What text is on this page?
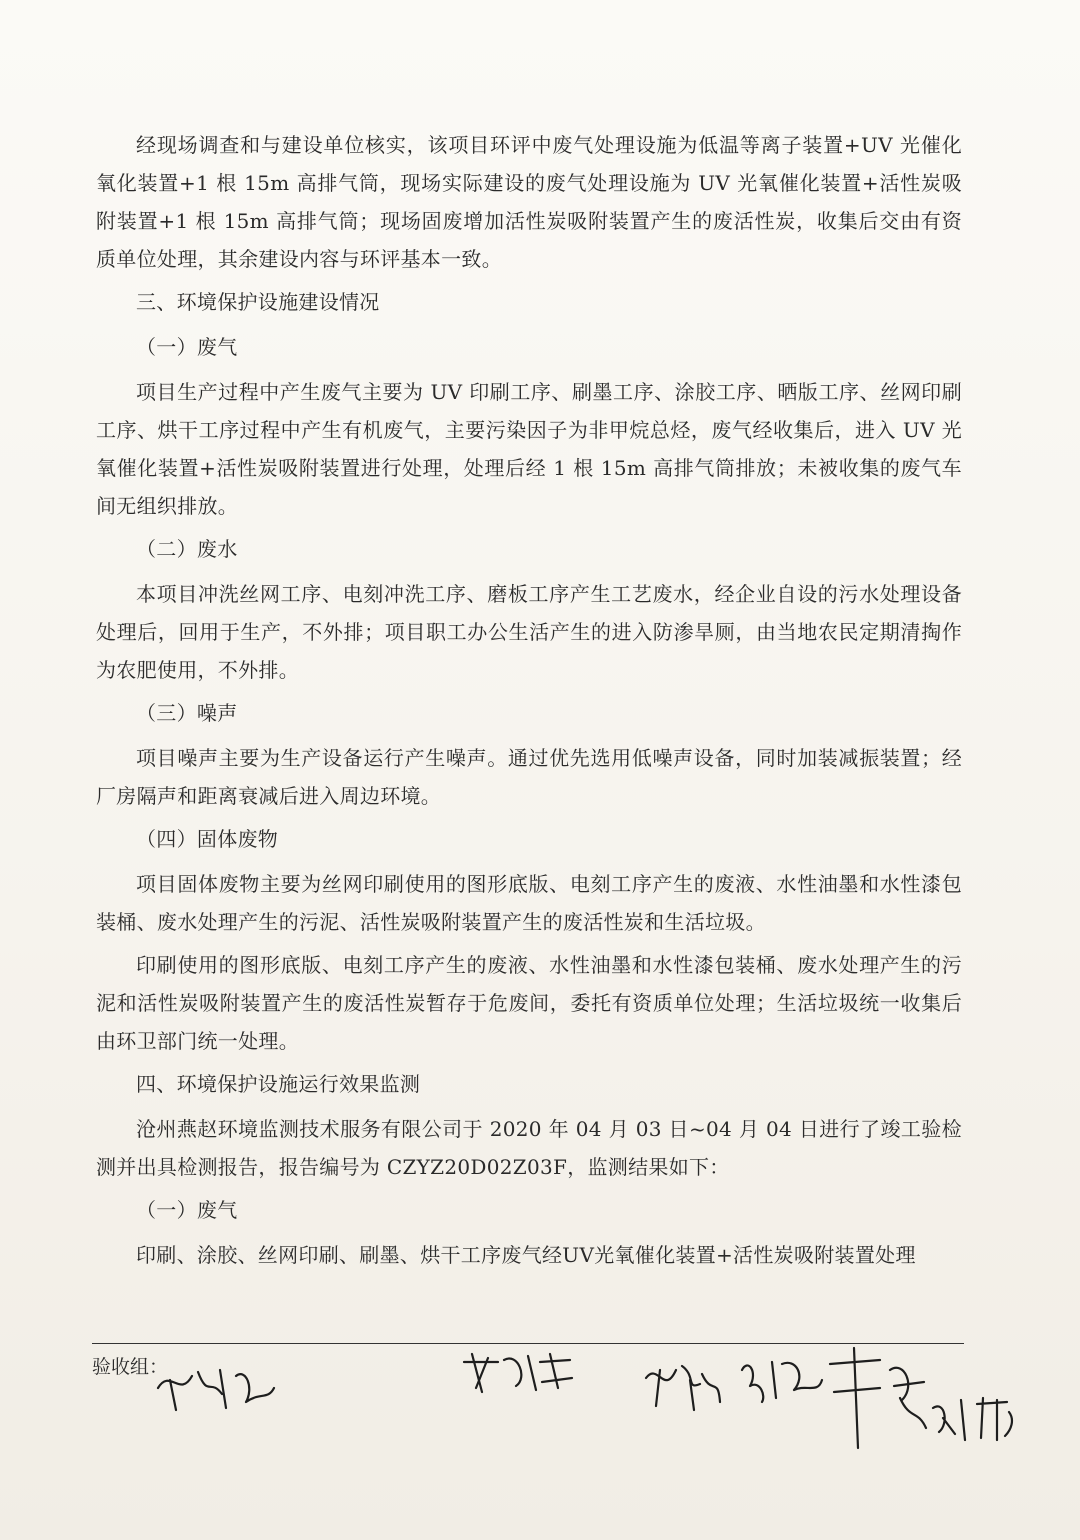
经现场调查和与建设单位核实，该项目环评中废气处理设施为低温等离子装置+UV 光催化氧化装置+1 根 15m 高排气筒，现场实际建设的废气处理设施为 UV 光氧催化装置+活性炭吸附装置+1 根 15m 高排气筒；现场固废增加活性炭吸附装置产生的废活性炭，收集后交由有资质单位处理，其余建设内容与环评基本一致。
三、环境保护设施建设情况
（一）废气
项目生产过程中产生废气主要为 UV 印刷工序、刷墨工序、涂胶工序、晒版工序、丝网印刷工序、烘干工序过程中产生有机废气，主要污染因子为非甲烷总烃，废气经收集后，进入 UV 光氧催化装置+活性炭吸附装置进行处理，处理后经 1 根 15m 高排气筒排放；未被收集的废气车间无组织排放。
（二）废水
本项目冲洗丝网工序、电刻冲洗工序、磨板工序产生工艺废水，经企业自设的污水处理设备处理后，回用于生产，不外排；项目职工办公生活产生的进入防渗旱厕，由当地农民定期清掏作为农肥使用，不外排。
（三）噪声
项目噪声主要为生产设备运行产生噪声。通过优先选用低噪声设备，同时加装减振装置；经厂房隔声和距离衰减后进入周边环境。
（四）固体废物
项目固体废物主要为丝网印刷使用的图形底版、电刻工序产生的废液、水性油墨和水性漆包装桶、废水处理产生的污泥、活性炭吸附装置产生的废活性炭和生活垃圾。
印刷使用的图形底版、电刻工序产生的废液、水性油墨和水性漆包装桶、废水处理产生的污泥和活性炭吸附装置产生的废活性炭暂存于危废间，委托有资质单位处理；生活垃圾统一收集后由环卫部门统一处理。
四、环境保护设施运行效果监测
沧州燕赵环境监测技术服务有限公司于 2020 年 04 月 03 日~04 月 04 日进行了竣工验检测并出具检测报告，报告编号为 CZYZ20D02Z03F，监测结果如下：
（一）废气
印刷、涂胶、丝网印刷、刷墨、烘干工序废气经UV光氧催化装置+活性炭吸附装置处理
验收组：
